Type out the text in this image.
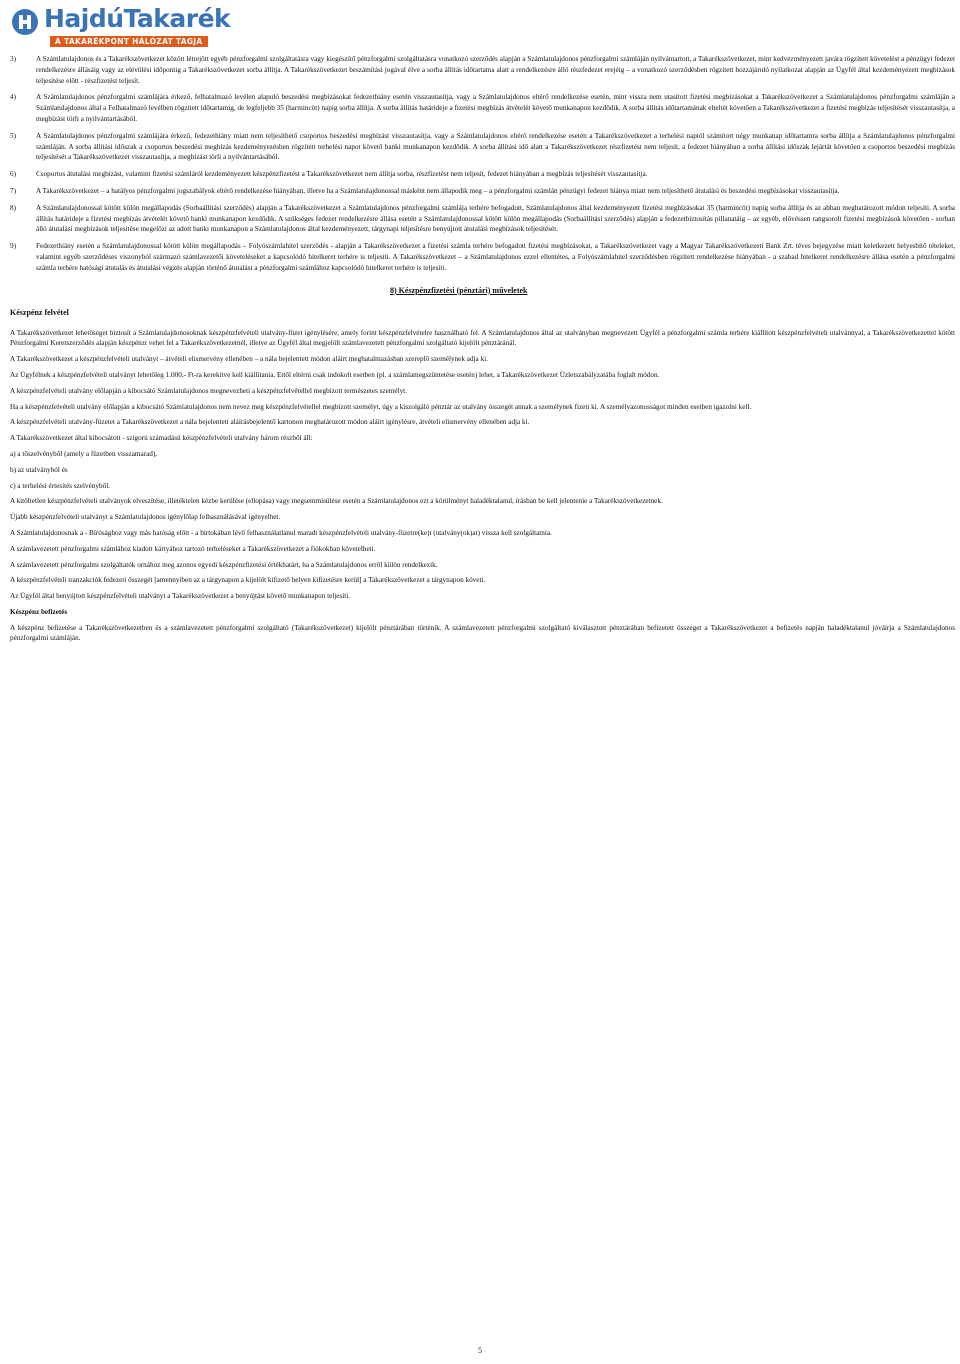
HajdúTakarék
A TAKARÉKPONT HÁLÓZAT TAGJA
3)	A Számlatulajdonos és a Takarékszövetkezet között létrejött egyéb pénzforgalmi szolgáltatásra vagy kiegészítő pénzforgalmi szolgáltatásra vonatkozó szerződés alapján a Számlatulajdonos pénzforgalmi számláján nyilvántartott, a Takarékszövetkezet, mint kedvezményezett javára rögzített követelést a pénzügyi fedezet rendelkezésre állásáig vagy az elévülési időpontig a Takarékszövetkezet sorba állítja. A Takarékszövetkezet beszámítási jogával élve a sorba állítás időtartama alatt a rendelkezésre álló részfedezet erejéig – a vonatkozó szerződésben rögzített hozzájáruló nyilatkozat alapján az Ügyfél által kezdeményezett megbízások teljesítése előtt - részfizetést teljesít.
4)	A Számlatulajdonos pénzforgalmi számlájára érkező, felhatalmazó levélen alapuló beszedési megbízásokat fedezethiány esetén visszautasítja, vagy a Számlatulajdonos eltérő rendelkezése esetén, mint vissza nem utasított fizetési megbízásokat a Takarékszövetkezet a Számlatulajdonos pénzforgalmi számláján a Számlatulajdonos által a Felhatalmazó levélben rögzített időtartamig, de legfeljebb 35 (harmincöt) napig sorba állítja. A sorba állítás határideje a fizetési megbízás átvételét követő munkanapon kezdődik. A sorba állítás időtartamának elteltét követően a Takarékszövetkezet a fizetési megbízás teljesítését visszautasítja, a megbízást törli a nyilvántartásából.
5)	A Számlatulajdonos pénzforgalmi számlájára érkező, fedezethiány miatt nem teljesíthető csoportos beszedési megbízást visszautasítja, vagy a Számlatulajdonos eltérő rendelkezése esetén a Takarékszövetkezet a terhelési naptól számított négy munkanap időtartamra sorba állítja a Számlatulajdonos pénzforgalmi számláján. A sorba állítási időszak a csoportos beszedési megbízás kezdeményezésben rögzített terhelési napot követő banki munkanapon kezdődik. A sorba állítási idő alatt a Takarékszövetkezet részfizetést nem teljesít, a fedezet hiányában a sorba állítási időszak lejártát követően a csoportos beszedési megbízás teljesítését a Takarékszövetkezet visszautasítja, a megbízást törli a nyilvántartásából.
6)	Csoportos átutalási megbízást, valamint fizetési számláról kezdeményezett készpénzfizetést a Takarékszövetkezet nem állítja sorba, részfizetést nem teljesít, fedezet hiányában a megbízás teljesítését visszautasítja.
7)	A Takarékszövetkezet – a hatályos pénzforgalmi jogszabályok eltérő rendelkezése hiányában, illetve ha a Számlatulajdonossal másként nem állapodik meg – a pénzforgalmi számlán pénzügyi fedezet hiánya miatt nem teljesíthető átutalási és beszedési megbízásokat visszautasítja.
8)	A Számlatulajdonossal kötött külön megállapodás (Sorbaállítási szerződés) alapján a Takarékszövetkezet a Számlatulajdonos pénzforgalmi számlája terhére befogadott, Számlatulajdonos által kezdeményezett fizetési megbízásokat 35 (harmincöt) napig sorba állítja és az abban meghatározott módon teljesíti. A sorba állítás határideje a fizetési megbízás átvételét követő banki munkanapon kezdődik. A szükséges fedezet rendelkezésre állása esetén a Számlatulajdonossal kötött külön megállapodás (Sorbaállítási szerződés) alapján a fedezetbiztosítás pillanatáig – az egyéb, elővéssen rangsorolt fizetési megbízások követően - sorban álló átutalási megbízások teljesítése megelőzi az adott banki munkanapon a Számlatulajdonos által kezdeményezett, tárgynapi teljesítésre benyújtott átutalási megbízások teljesítését.
9)	Fedezethiány esetén a Számlatulajdonossal kötött külön megállapodás – Folyószámlahitel szerződés - alapján a Takarékszövetkezet a fizetési számla terhére befogadott fizetési megbízásokat, a Takarékszövetkezet vagy a Magyar Takarékszövetkezeti Bank Zrt. téves bejegyzése miatt keletkezett helyesbítő tételeket, valamint egyéb szerződéses viszonyból származó számlavezetői követeléseket a kapcsolódó hitelkeret terhére is teljesíti. A Takarékszövetkezet – a Számlatulajdonos ezzel ellentétes, a Folyószámlahitel szerződésben rögzített rendelkezése hiányában - a szabad hitelkeret rendelkezésre állása esetén a pénzforgalmi számla terhére hatósági átutalás és átutalási végzés alapján történő átutalást a pénzforgalmi számlához kapcsolódó hitelkeret terhére is teljesíti.
8) Készpénzfizetési (pénztári) műveletek
Készpénz felvétel

A Takarékszövetkezet lehetőséget biztosít a Számlatulajdonosoknak készpénzfelvételi utalvány-füzet igénylésére, amely forint készpénzfelvételre használható fel. A Számlatulajdonos által az utalványban megnevezett Ügyfél a pénzforgalmi számla terhére kiállított készpénzfelvételi utalvánnyal, a Takarékszövetkezettel kötött Pénzforgalmi Keretszerződés alapján készpénzt vehet fel a Takarékszövetkezetnél, illetve az Ügyfél által megjelölt számlavezetett pénzforgalmi szolgáltató kijelölt pénztáránál.

A Takarékszövetkezet a készpénzfelvételi utalványt – átvételi elismervény ellenében – a nála bejelentett módon aláírt meghatalmazásban szereplő személynek adja ki.

Az Ügyfélnek a készpénzfelvételi utalványt lehetőleg 1.000,- Ft-ra kerekítve kell kiállítania. Ettől eltérni csak indokolt esetben (pl. a számlamegszüntetése esetén) lehet, a Takarékszövetkezet Üzletszabályzatába foglalt módon.

A készpénzfelvételi utalvány előlapján a kibocsátó Számlatulajdonos megnevezheti a készpénzfelvétellel megbízott természetes személyt.

Ha a készpénzfelvételi utalvány előlapján a kibocsátó Számlatulajdonos nem nevez meg készpénzfelvétellel megbízott személyt, úgy a kiszolgáló pénztár az utalvány összegét annak a személynek fizeti ki. A személyazonosságot minden esetben igazolni kell.

A készpénzfelvételi utalvány-füzetet a Takarékszövetkezet a nála bejelentett aláírásbejelentő kartonon meghatározott módon aláírt igénylésre, átvételi elismervény ellenében adja ki.

A Takarékszövetkezet által kibocsátott - szigorú számadású készpénzfelvételi utalvány három részből áll:

a) a tőszelvényből (amely a füzetben visszamarad),

b) az utalványból és

c) a terhelési értesítés szelvényből.

A kitöltetlen készpénzfelvételi utalványok elveszítése, illetéktelen kézbe kerülése (ellopása) vagy megsemmisülése esetén a Számlatulajdonos ezt a körülményt haladéktalanul, írásban be kell jelentenie a Takarékszövetkezetnek.

Újabb készpénzfelvételi utalványt a Számlatulajdonos igénylőlap felhasználásával igényelhet.

A Számlatulajdonosnak a - Bírósághoz vagy más hatóság előtt - a birtokában lévő felhasználatlanul maradt készpénzfelvételi utalvány-füzetre(ke)t (utalvány(ok)at) vissza kell szolgáltatnia.

A számlavezetett pénzforgalmi számlához kiadott kártyához tartozó terheléseket a Takarékszövetkezet a fiókokban követelheti.

A számlavezetett pénzforgalmi szolgáltatók ornához meg azonos egyedi készpénzfizetési értékhatárt, ha a Számlatulajdonos erről külön rendelkezik.

A készpénzfelvételi tranzakciók fedezeti összegét [amennyiben az a tárgynapon a kijelölt kifizető helyen kifizetésre kerül] a Takarékszövetkezet a tárgynapon követi.

Az Ügyfél által benyújtott készpénzfelvételi utalványt a Takarékszövetkezet a benyújtást követő munkanapon teljesíti.

Készpénz befizetés

A készpénz befizetése a Takarékszövetkezetben és a számlavezetett pénzforgalmi szolgáltató (Takarékszövetkezet) kijelölt pénztárában történik. A számlavezetett pénzforgalmi szolgáltató kiválasztott pénztárában befizetett összeget a Takarékszövetkezet a befizetés napján haladéktalanul jóváírja a Számlatulajdonos pénzforgalmi számláján.

5
